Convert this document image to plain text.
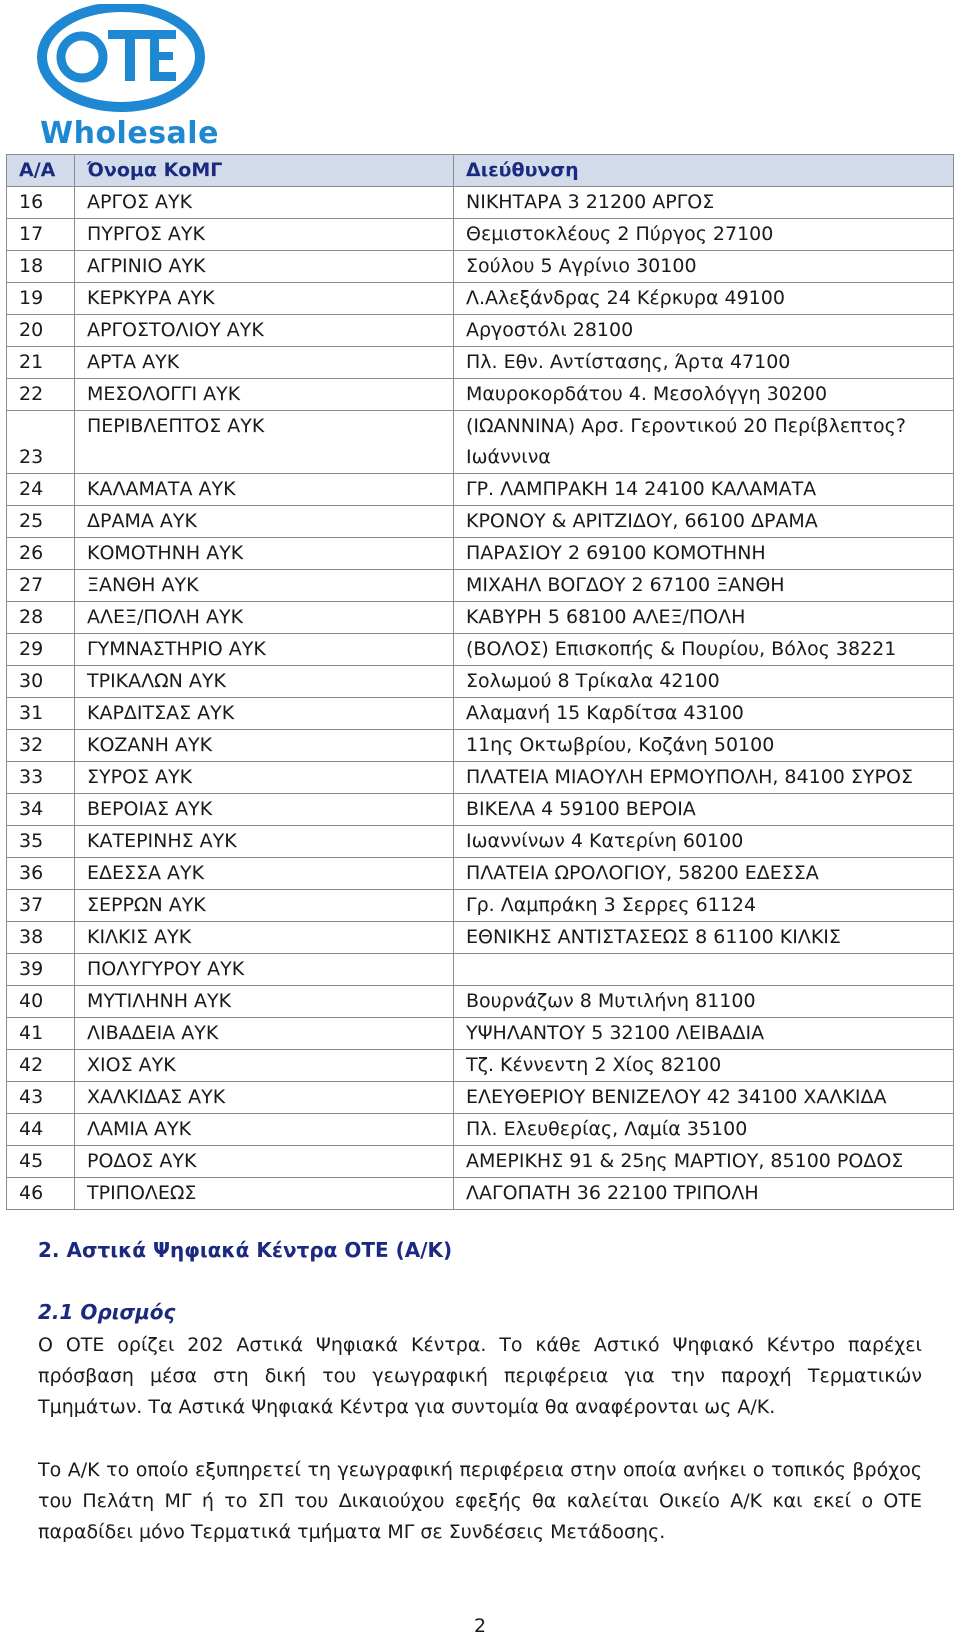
Wholesale
Α/Α	Όνομα ΚοΜΓ	Διεύθυνση
16	ΑΡΓΟΣ ΑΥΚ	ΝΙΚΗΤΑΡΑ 3 21200 ΑΡΓΟΣ
17	ΠΥΡΓΟΣ ΑΥΚ	Θεμιστοκλέους 2 Πύργος 27100
18	ΑΓΡΙΝΙΟ ΑΥΚ	Σούλου 5 Αγρίνιο 30100
19	ΚΕΡΚΥΡΑ ΑΥΚ	Λ.Αλεξάνδρας 24 Κέρκυρα 49100
20	ΑΡΓΟΣΤΟΛΙΟΥ ΑΥΚ	Αργοστόλι 28100
21	ΑΡΤΑ ΑΥΚ	Πλ. Εθν. Αντίστασης, Άρτα 47100
22	ΜΕΣΟΛΟΓΓΙ ΑΥΚ	Μαυροκορδάτου 4. Μεσολόγγη 30200
23	ΠΕΡΙΒΛΕΠΤΟΣ ΑΥΚ	(ΙΩΑΝΝΙΝΑ) Αρσ. Γεροντικού 20 Περίβλεπτος?Ιωάννινα
24	ΚΑΛΑΜΑΤΑ ΑΥΚ	ΓΡ. ΛΑΜΠΡΑΚΗ 14 24100 ΚΑΛΑΜΑΤΑ
25	ΔΡΑΜΑ ΑΥΚ	ΚΡΟΝΟΥ & ΑΡΙΤΖΙΔΟΥ, 66100 ΔΡΑΜΑ
26	ΚΟΜΟΤΗΝΗ ΑΥΚ	ΠΑΡΑΣΙΟΥ 2 69100 ΚΟΜΟΤΗΝΗ
27	ΞΑΝΘΗ ΑΥΚ	ΜΙΧΑΗΛ ΒΟΓΔΟΥ 2 67100 ΞΑΝΘΗ
28	ΑΛΕΞ/ΠΟΛΗ ΑΥΚ	ΚΑΒΥΡΗ 5 68100 ΑΛΕΞ/ΠΟΛΗ
29	ΓΥΜΝΑΣΤΗΡΙΟ ΑΥΚ	(ΒΟΛΟΣ) Επισκοπής & Πουρίου, Βόλος 38221
30	ΤΡΙΚΑΛΩΝ ΑΥΚ	Σολωμού 8 Τρίκαλα 42100
31	ΚΑΡΔΙΤΣΑΣ ΑΥΚ	Αλαμανή 15 Καρδίτσα 43100
32	ΚΟΖΑΝΗ ΑΥΚ	11ης Οκτωβρίου, Κοζάνη 50100
33	ΣΥΡΟΣ ΑΥΚ	ΠΛΑΤΕΙΑ ΜΙΑΟΥΛΗ ΕΡΜΟΥΠΟΛΗ, 84100 ΣΥΡΟΣ
34	ΒΕΡΟΙΑΣ ΑΥΚ	ΒΙΚΕΛΑ 4 59100 ΒΕΡΟΙΑ
35	ΚΑΤΕΡΙΝΗΣ ΑΥΚ	Ιωαννίνων 4 Κατερίνη 60100
36	ΕΔΕΣΣΑ ΑΥΚ	ΠΛΑΤΕΙΑ ΩΡΟΛΟΓΙΟΥ, 58200 ΕΔΕΣΣΑ
37	ΣΕΡΡΩΝ ΑΥΚ	Γρ. Λαμπράκη 3 Σερρες 61124
38	ΚΙΛΚΙΣ ΑΥΚ	ΕΘΝΙΚΗΣ ΑΝΤΙΣΤΑΣΕΩΣ 8 61100 ΚΙΛΚΙΣ
39	ΠΟΛΥΓΥΡΟΥ ΑΥΚ	
40	ΜΥΤΙΛΗΝΗ ΑΥΚ	Βουρνάζων 8 Μυτιλήνη 81100
41	ΛΙΒΑΔΕΙΑ ΑΥΚ	ΥΨΗΛΑΝΤΟΥ 5 32100 ΛΕΙΒΑΔΙΑ
42	ΧΙΟΣ ΑΥΚ	Τζ. Κέννεντη 2 Χίος 82100
43	ΧΑΛΚΙΔΑΣ ΑΥΚ	ΕΛΕΥΘΕΡΙΟΥ ΒΕΝΙΖΕΛΟΥ 42 34100 ΧΑΛΚΙΔΑ
44	ΛΑΜΙΑ ΑΥΚ	Πλ. Ελευθερίας, Λαμία 35100
45	ΡΟΔΟΣ ΑΥΚ	ΑΜΕΡΙΚΗΣ 91 & 25ης ΜΑΡΤΙΟΥ, 85100 ΡΟΔΟΣ
46	ΤΡΙΠΟΛΕΩΣ	ΛΑΓΟΠΑΤΗ 36 22100 ΤΡΙΠΟΛΗ
2. Αστικά Ψηφιακά Κέντρα ΟΤΕ (Α/Κ)
2.1 Ορισμός
Ο ΟΤΕ ορίζει 202 Αστικά Ψηφιακά Κέντρα. Το κάθε Αστικό Ψηφιακό Κέντρο παρέχει πρόσβαση μέσα στη δική του γεωγραφική περιφέρεια για την παροχή Τερματικών Τμημάτων. Τα Αστικά Ψηφιακά Κέντρα για συντομία θα αναφέρονται ως Α/Κ.
Το Α/Κ το οποίο εξυπηρετεί τη γεωγραφική περιφέρεια στην οποία ανήκει ο τοπικός βρόχος του Πελάτη ΜΓ ή το ΣΠ του Δικαιούχου εφεξής θα καλείται Οικείο Α/Κ και εκεί ο ΟΤΕ παραδίδει μόνο Τερματικά τμήματα ΜΓ σε Συνδέσεις Μετάδοσης.
2
